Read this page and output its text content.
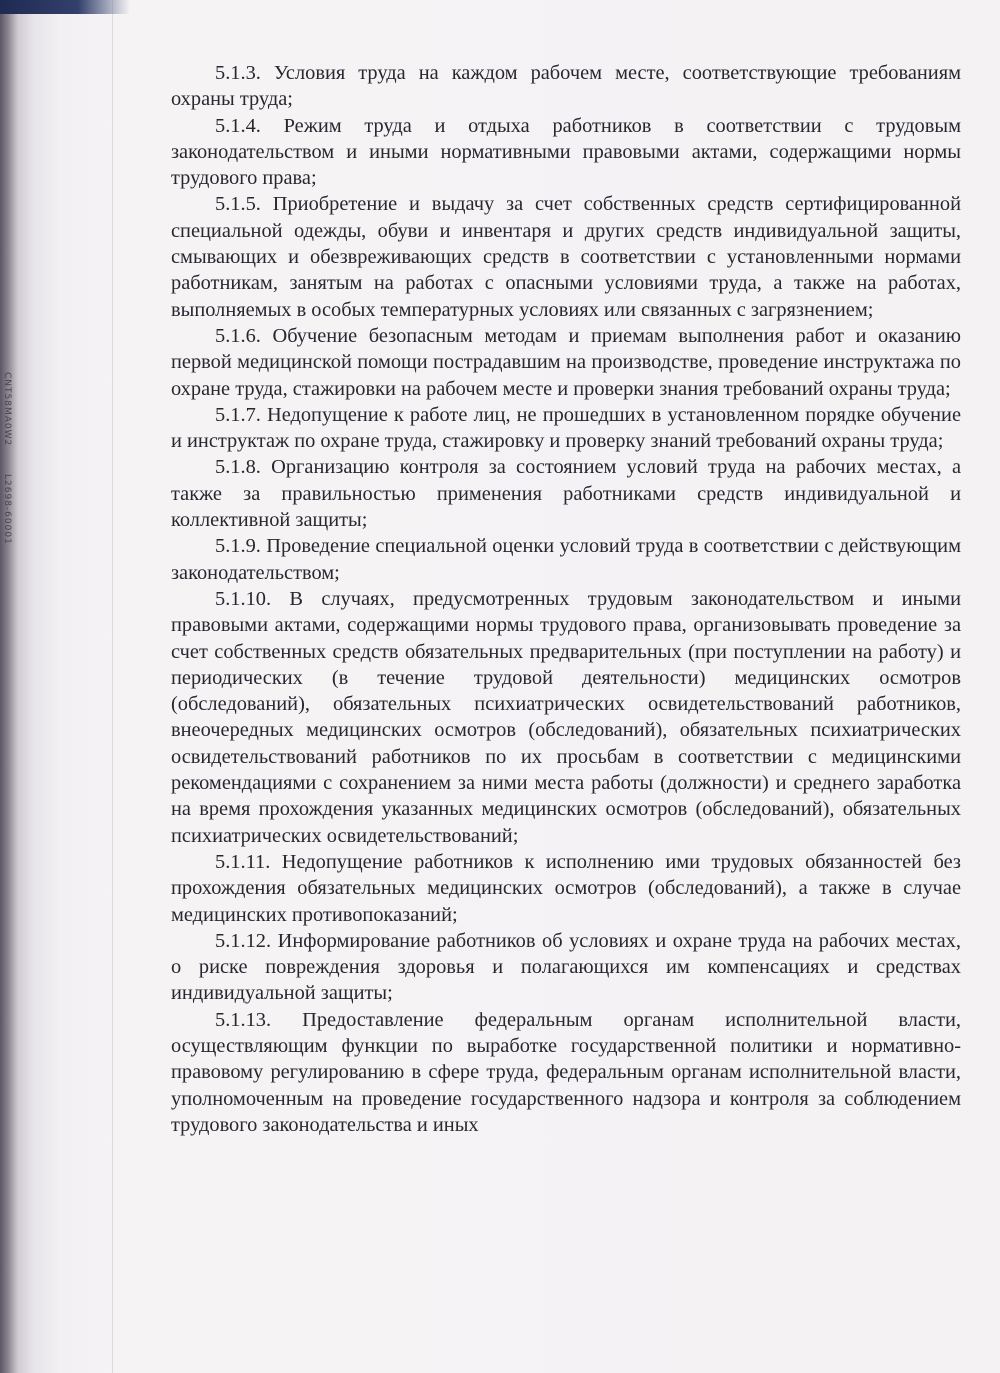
CNT58MA0W2L2698-60001

5.1.3. Условия труда на каждом рабочем месте, соответствующие требованиям охраны труда;

5.1.4. Режим труда и отдыха работников в соответствии с трудовым законодательством и иными нормативными правовыми актами, содержащими нормы трудового права;

5.1.5. Приобретение и выдачу за счет собственных средств сертифицированной специальной одежды, обуви и инвентаря и других средств индивидуальной защиты, смывающих и обезвреживающих средств в соответствии с установленными нормами работникам, занятым на работах с опасными условиями труда, а также на работах, выполняемых в особых температурных условиях или связанных с загрязнением;

5.1.6. Обучение безопасным методам и приемам выполнения работ и оказанию первой медицинской помощи пострадавшим на производстве, проведение инструктажа по охране труда, стажировки на рабочем месте и проверки знания требований охраны труда;

5.1.7. Недопущение к работе лиц, не прошедших в установленном порядке обучение и инструктаж по охране труда, стажировку и проверку знаний требований охраны труда;

5.1.8. Организацию контроля за состоянием условий труда на рабочих местах, а также за правильностью применения работниками средств индивидуальной и коллективной защиты;

5.1.9. Проведение специальной оценки условий труда в соответствии с действующим законодательством;

5.1.10. В случаях, предусмотренных трудовым законодательством и иными правовыми актами, содержащими нормы трудового права, организовывать проведение за счет собственных средств обязательных предварительных (при поступлении на работу) и периодических (в течение трудовой деятельности) медицинских осмотров (обследований), обязательных психиатрических освидетельствований работников, внеочередных медицинских осмотров (обследований), обязательных психиатрических освидетельствований работников по их просьбам в соответствии с медицинскими рекомендациями с сохранением за ними места работы (должности) и среднего заработка на время прохождения указанных медицинских осмотров (обследований), обязательных психиатрических освидетельствований;

5.1.11. Недопущение работников к исполнению ими трудовых обязанностей без прохождения обязательных медицинских осмотров (обследований), а также в случае медицинских противопоказаний;

5.1.12. Информирование работников об условиях и охране труда на рабочих местах, о риске повреждения здоровья и полагающихся им компенсациях и средствах индивидуальной защиты;

5.1.13. Предоставление федеральным органам исполнительной власти, осуществляющим функции по выработке государственной политики и нормативно-правовому регулированию в сфере труда, федеральным органам исполнительной власти, уполномоченным на проведение государственного надзора и контроля за соблюдением трудового законодательства и иных
